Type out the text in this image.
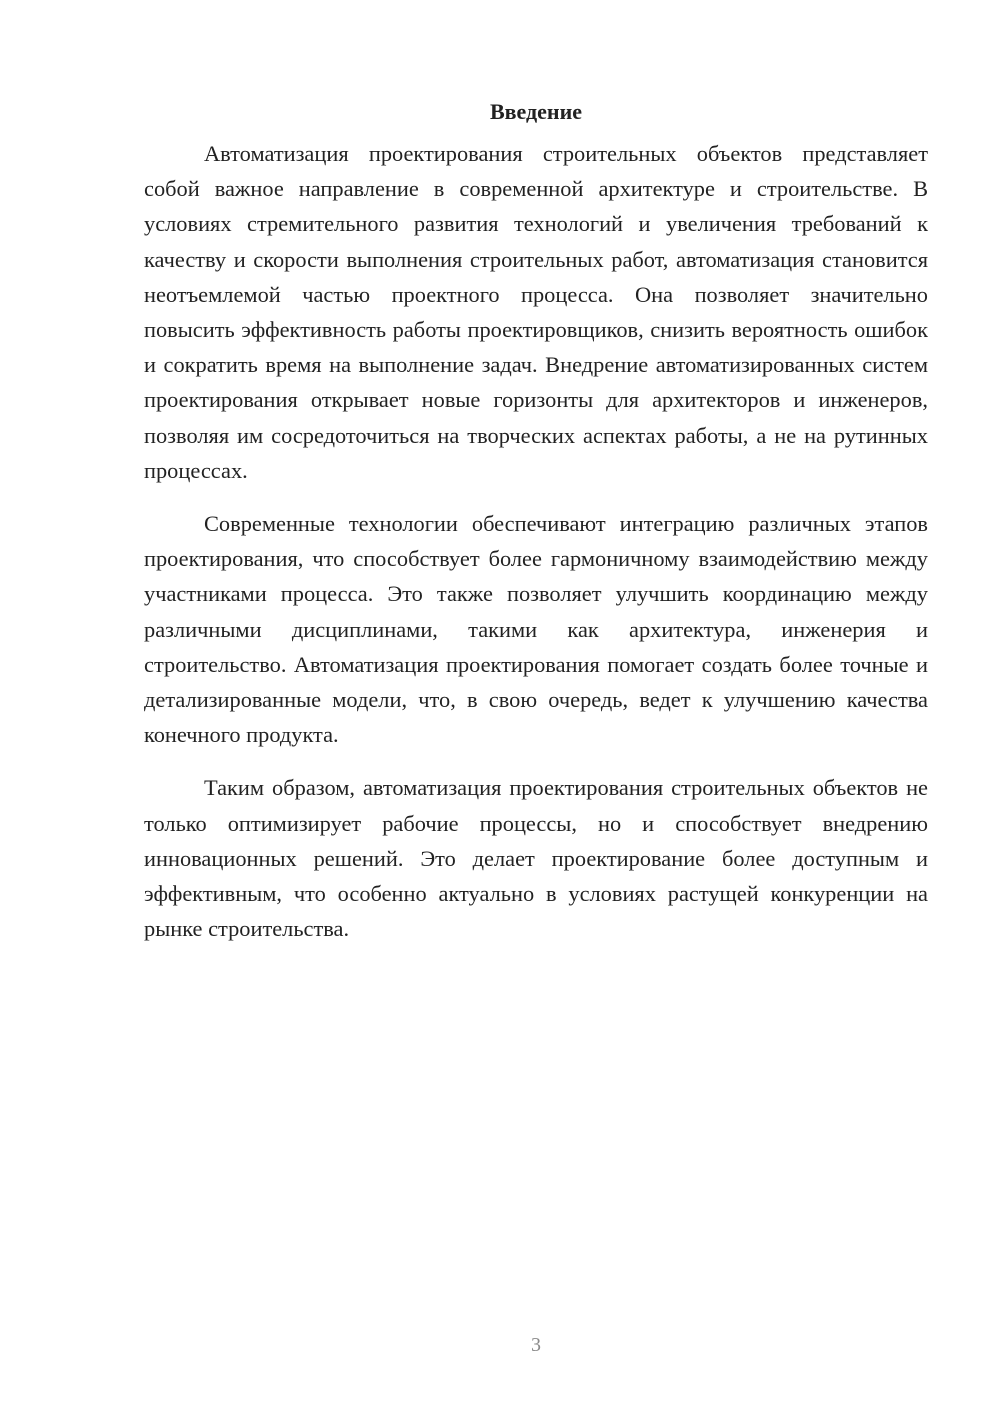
Введение

Автоматизация проектирования строительных объектов представляет собой важное направление в современной архитектуре и строительстве. В условиях стремительного развития технологий и увеличения требований к качеству и скорости выполнения строительных работ, автоматизация становится неотъемлемой частью проектного процесса. Она позволяет значительно повысить эффективность работы проектировщиков, снизить вероятность ошибок и сократить время на выполнение задач. Внедрение автоматизированных систем проектирования открывает новые горизонты для архитекторов и инженеров, позволяя им сосредоточиться на творческих аспектах работы, а не на рутинных процессах.

Современные технологии обеспечивают интеграцию различных этапов проектирования, что способствует более гармоничному взаимодействию между участниками процесса. Это также позволяет улучшить координацию между различными дисциплинами, такими как архитектура, инженерия и строительство. Автоматизация проектирования помогает создать более точные и детализированные модели, что, в свою очередь, ведет к улучшению качества конечного продукта.

Таким образом, автоматизация проектирования строительных объектов не только оптимизирует рабочие процессы, но и способствует внедрению инновационных решений. Это делает проектирование более доступным и эффективным, что особенно актуально в условиях растущей конкуренции на рынке строительства.

3
